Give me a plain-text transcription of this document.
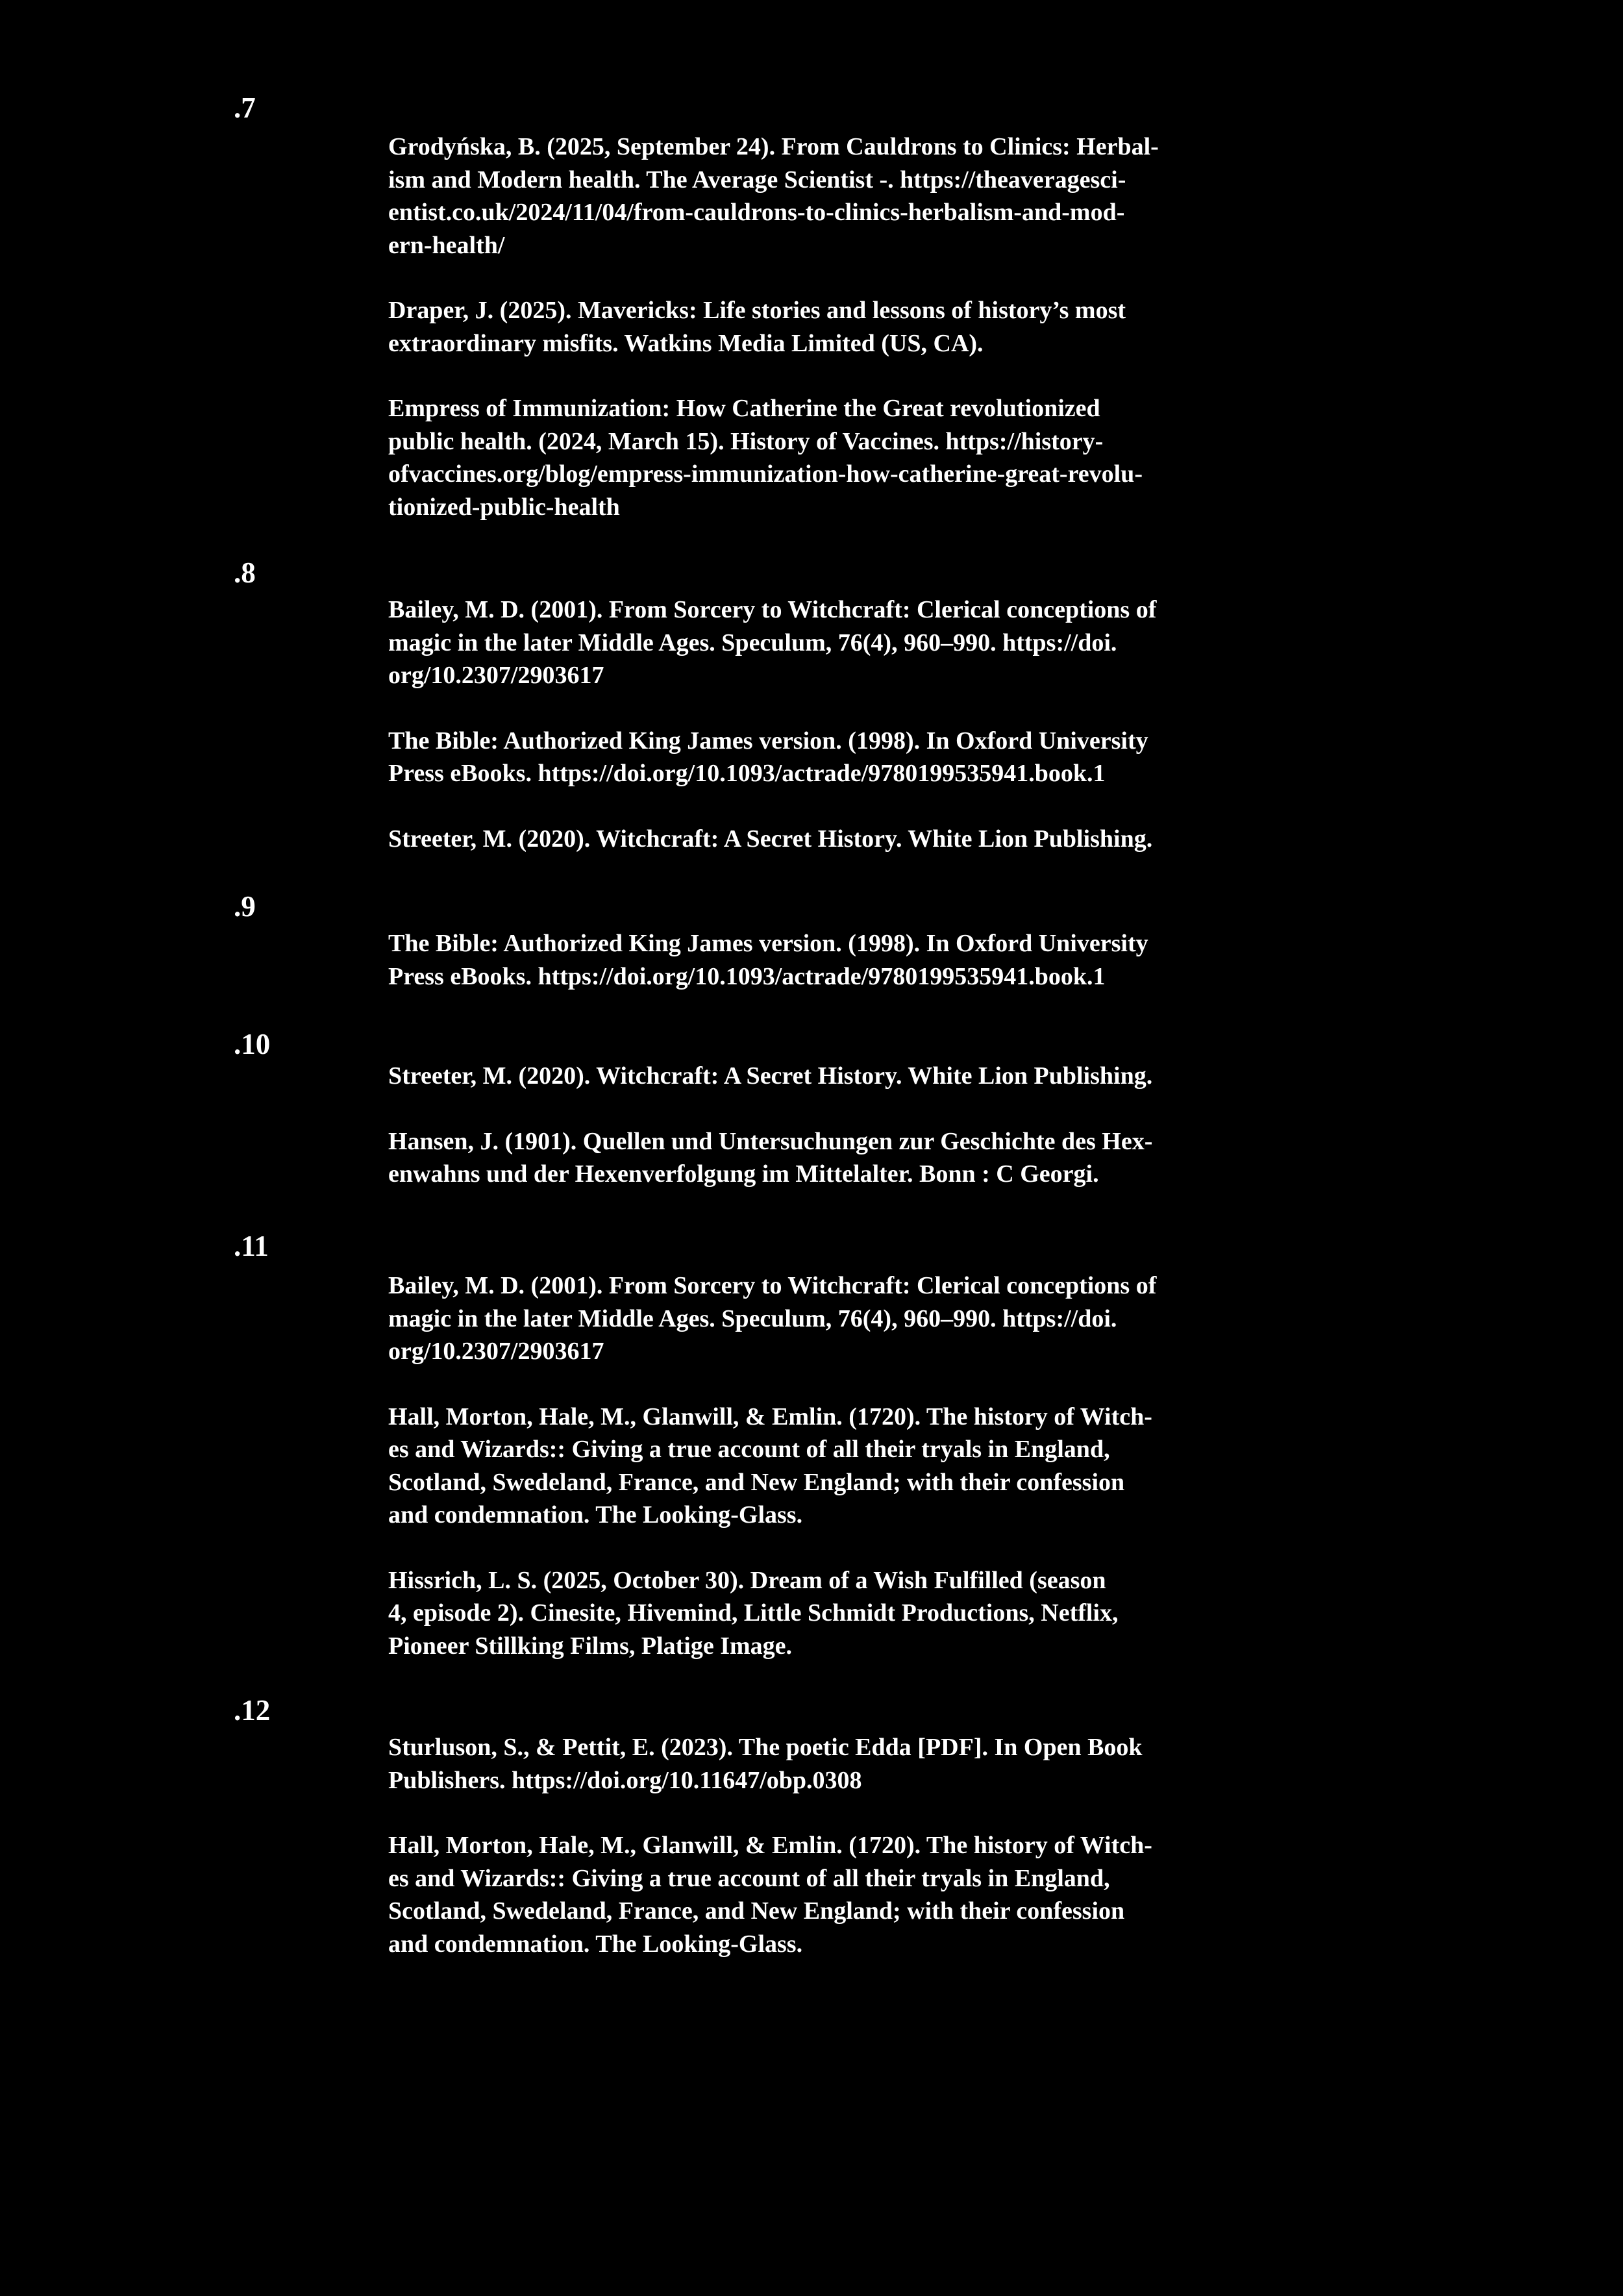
.7

Grodyńska, B. (2025, September 24). From Cauldrons to Clinics: Herbal-
ism and Modern health. The Average Scientist -. https://theaveragesci-
entist.co.uk/2024/11/04/from-cauldrons-to-clinics-herbalism-and-mod-
ern-health/

Draper, J. (2025). Mavericks: Life stories and lessons of history’s most
extraordinary misfits. Watkins Media Limited (US, CA).

Empress of Immunization: How Catherine the Great revolutionized
public health. (2024, March 15). History of Vaccines. https://history-
ofvaccines.org/blog/empress-immunization-how-catherine-great-revolu-
tionized-public-health

.8

Bailey, M. D. (2001). From Sorcery to Witchcraft: Clerical conceptions of
magic in the later Middle Ages. Speculum, 76(4), 960–990. https://doi.
org/10.2307/2903617

The Bible: Authorized King James version. (1998). In Oxford University
Press eBooks. https://doi.org/10.1093/actrade/9780199535941.book.1

Streeter, M. (2020). Witchcraft: A Secret History. White Lion Publishing.

.9

The Bible: Authorized King James version. (1998). In Oxford University
Press eBooks. https://doi.org/10.1093/actrade/9780199535941.book.1

.10

Streeter, M. (2020). Witchcraft: A Secret History. White Lion Publishing.

Hansen, J. (1901). Quellen und Untersuchungen zur Geschichte des Hex-
enwahns und der Hexenverfolgung im Mittelalter. Bonn : C Georgi.

.11

Bailey, M. D. (2001). From Sorcery to Witchcraft: Clerical conceptions of
magic in the later Middle Ages. Speculum, 76(4), 960–990. https://doi.
org/10.2307/2903617

Hall, Morton, Hale, M., Glanwill, & Emlin. (1720). The history of Witch-
es and Wizards:: Giving a true account of all their tryals in England,
Scotland, Swedeland, France, and New England; with their confession
and condemnation. The Looking-Glass.

Hissrich, L. S. (2025, October 30). Dream of a Wish Fulfilled (season
4, episode 2). Cinesite, Hivemind, Little Schmidt Productions, Netflix,
Pioneer Stillking Films, Platige Image.

.12

Sturluson, S., & Pettit, E. (2023). The poetic Edda [PDF]. In Open Book
Publishers. https://doi.org/10.11647/obp.0308

Hall, Morton, Hale, M., Glanwill, & Emlin. (1720). The history of Witch-
es and Wizards:: Giving a true account of all their tryals in England,
Scotland, Swedeland, France, and New England; with their confession
and condemnation. The Looking-Glass.
